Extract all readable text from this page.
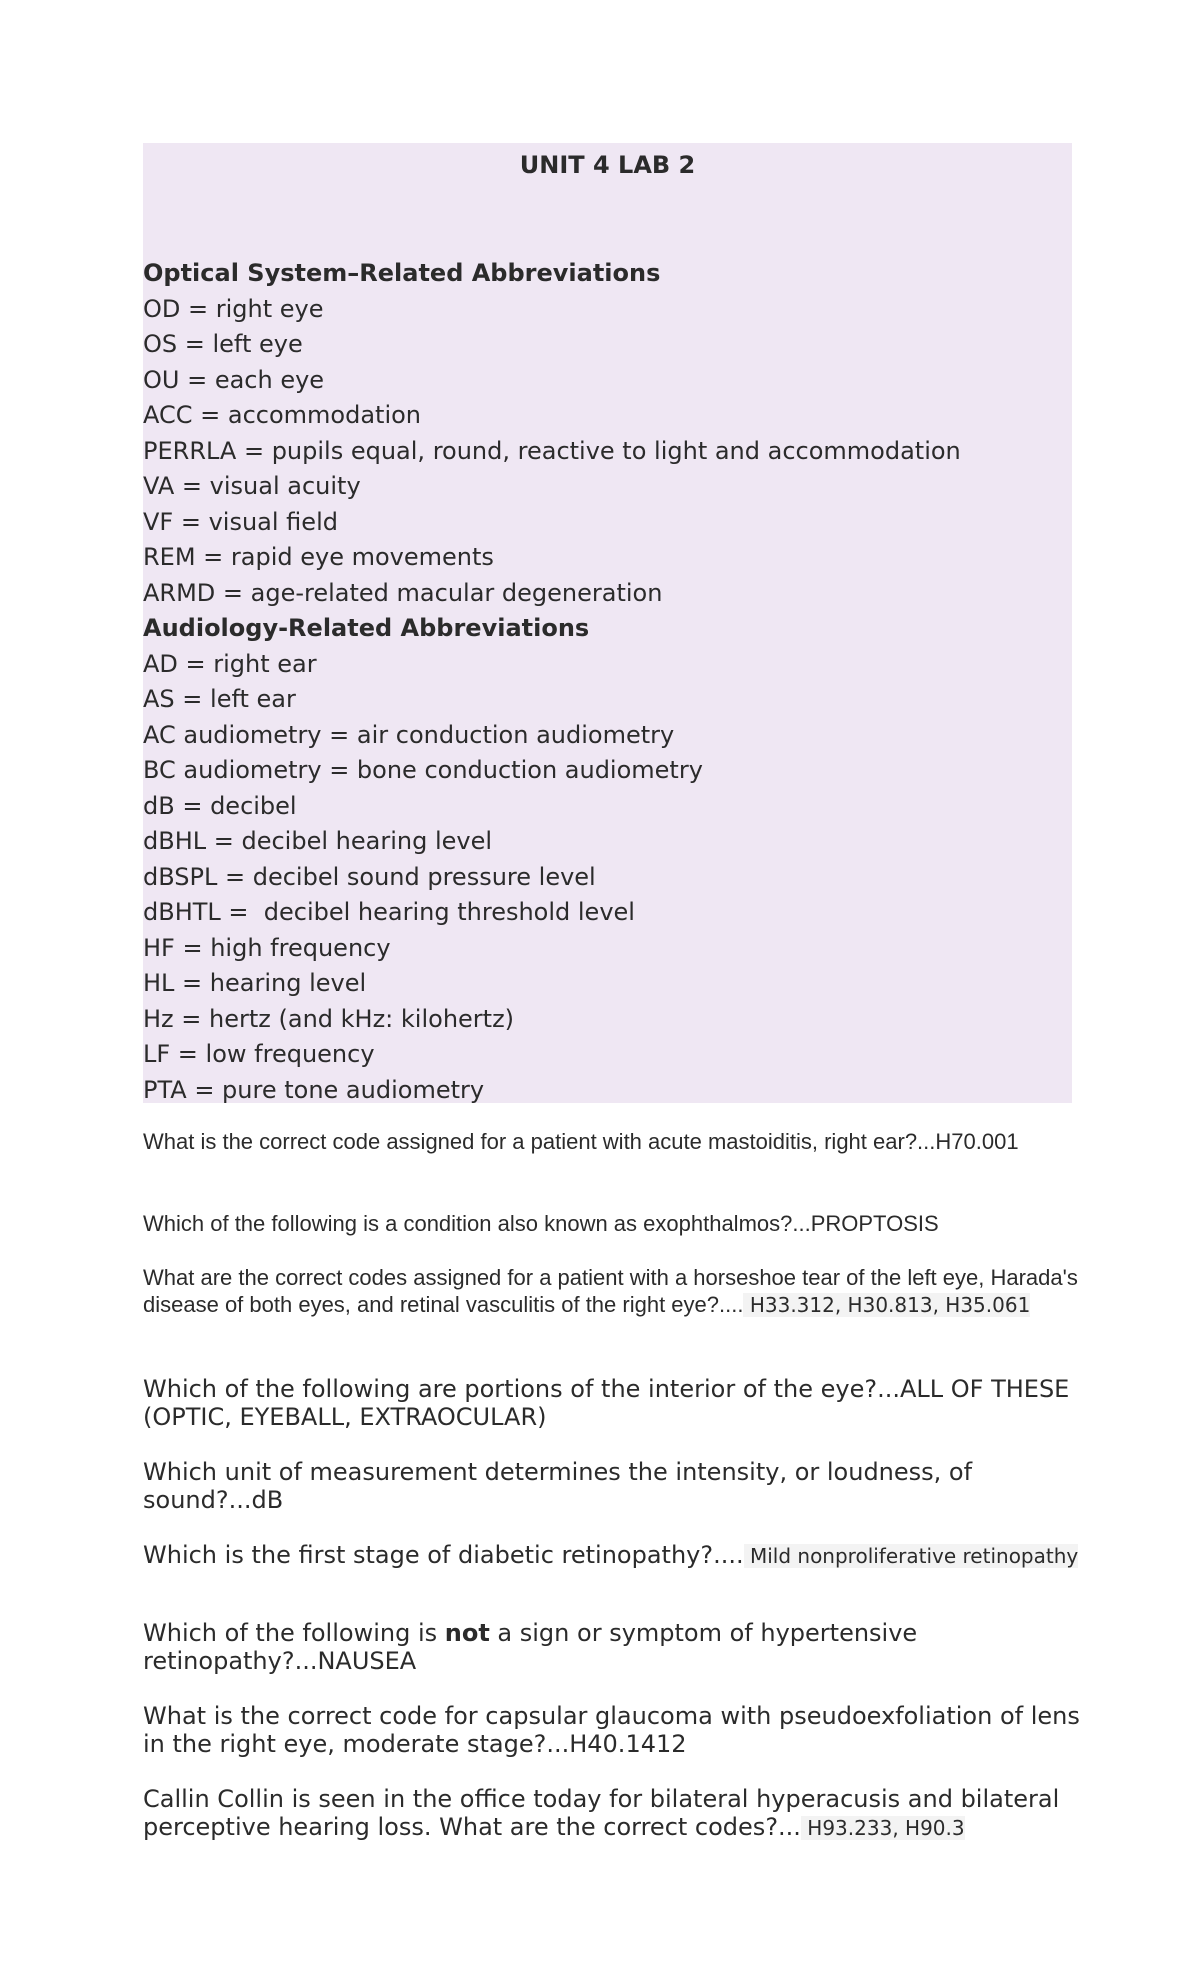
UNIT 4 LAB 2
Optical System–Related Abbreviations
OD = right eye
OS = left eye
OU = each eye
ACC = accommodation
PERRLA = pupils equal, round, reactive to light and accommodation
VA = visual acuity
VF = visual field
REM = rapid eye movements
ARMD = age-related macular degeneration
Audiology-Related Abbreviations
AD = right ear
AS = left ear
AC audiometry = air conduction audiometry
BC audiometry = bone conduction audiometry
dB = decibel
dBHL = decibel hearing level
dBSPL = decibel sound pressure level
dBHTL =  decibel hearing threshold level
HF = high frequency
HL = hearing level
Hz = hertz (and kHz: kilohertz)
LF = low frequency
PTA = pure tone audiometry
What is the correct code assigned for a patient with acute mastoiditis, right ear?...H70.001
Which of the following is a condition also known as exophthalmos?...PROPTOSIS
What are the correct codes assigned for a patient with a horseshoe tear of the left eye, Harada's disease of both eyes, and retinal vasculitis of the right eye?.... H33.312, H30.813, H35.061
Which of the following are portions of the interior of the eye?...ALL OF THESE (OPTIC, EYEBALL, EXTRAOCULAR)
Which unit of measurement determines the intensity, or loudness, of sound?...dB
Which is the first stage of diabetic retinopathy?.... Mild nonproliferative retinopathy
Which of the following is not a sign or symptom of hypertensive retinopathy?...NAUSEA
What is the correct code for capsular glaucoma with pseudoexfoliation of lens in the right eye, moderate stage?...H40.1412
Callin Collin is seen in the office today for bilateral hyperacusis and bilateral perceptive hearing loss. What are the correct codes?... H93.233, H90.3
